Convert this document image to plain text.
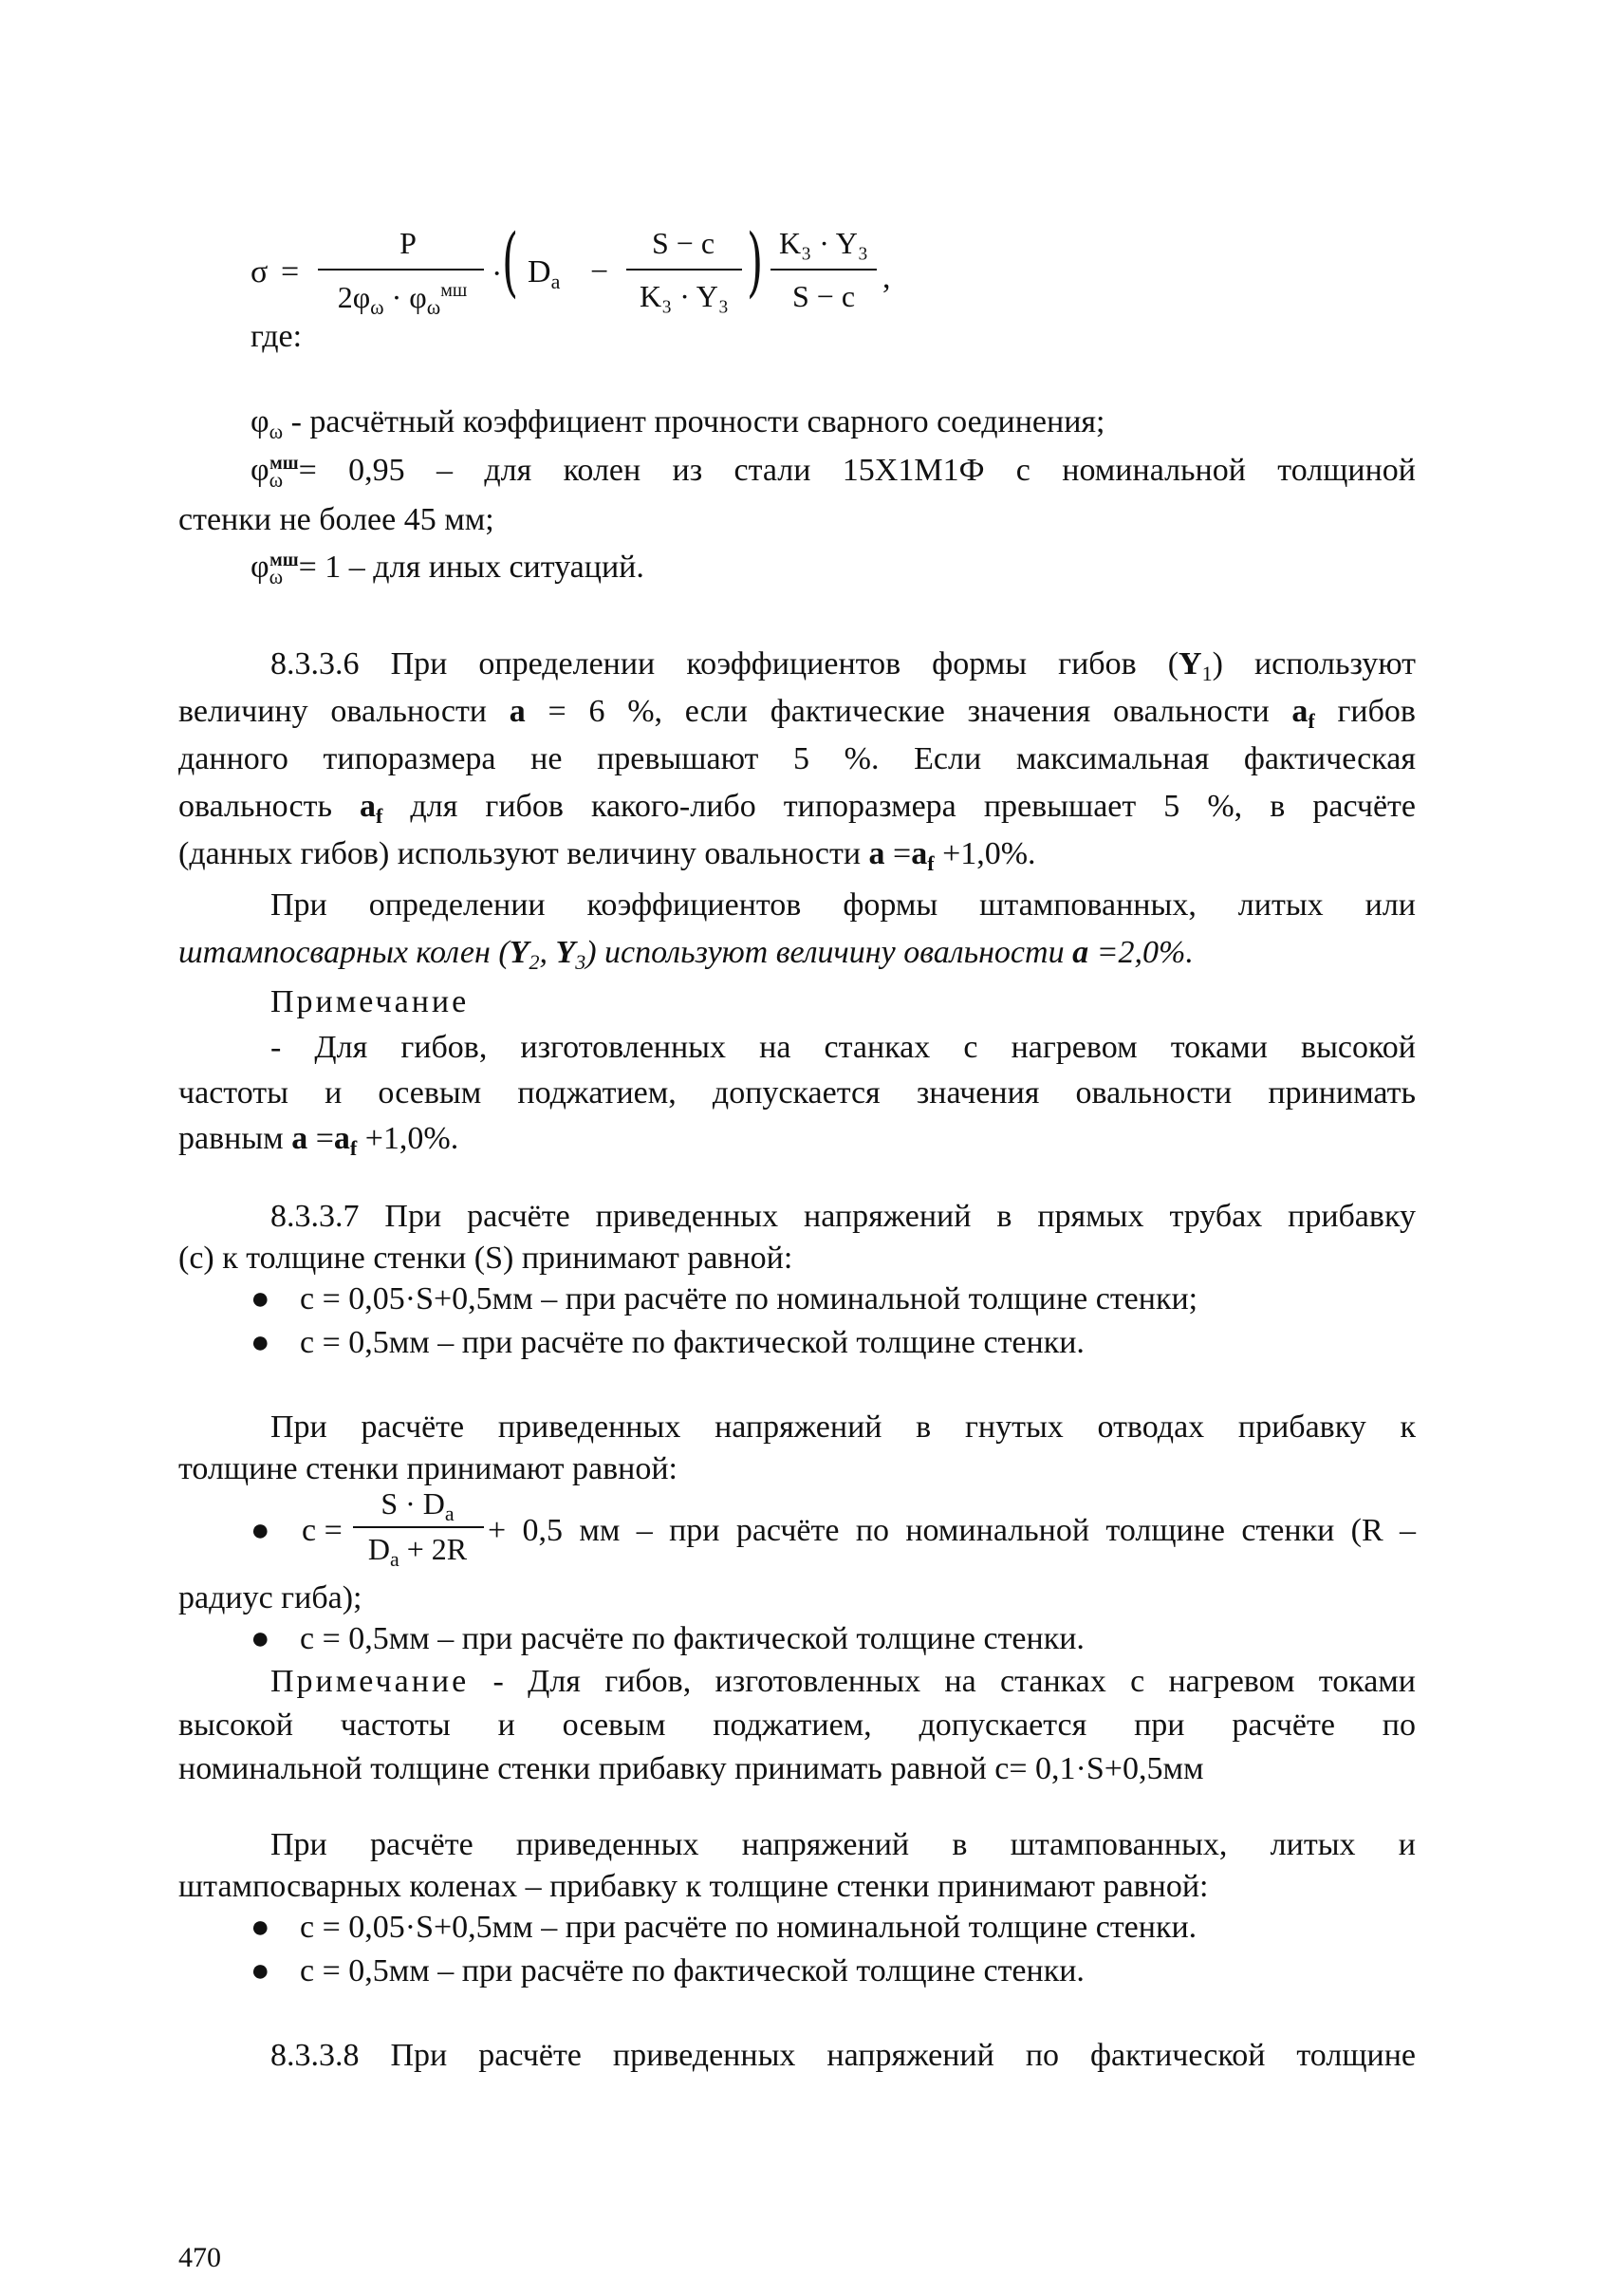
σ =
P
$2\varphi_\omega \cdot \varphi_\omega^{мш}$ · ( $D_a$ −
S − c
K₃ · Y₃ ) K₃ · Y₃
S − c
,
где:
$\varphi_\omega$ - расчётный коэффициент прочности сварного соединения;
$\varphi_\omega^{мш}= 0,95$ – для колен из стали 15Х1М1Ф с номинальной толщиной
стенки не более 45 мм;
$\varphi_\omega^{мш}= 1$ – для иных ситуаций.
8.3.3.6 При определении коэффициентов формы гибов $(Y_1)$ используют
величину овальности a = 6 %, если фактические значения овальности $a_f$ гибов
данного типоразмера не превышают 5 %. Если максимальная фактическая
овальность $a_f$ для гибов какого-либо типоразмера превышает 5 %, в расчёте
(данных гибов) используют величину овальности $a =a_f +1,0\%$.
При определении коэффициентов формы штампованных, литых или
штампосварных колен ($Y_2$, $Y_3$) используют величину овальности a =2,0%.
Примечание
- Для гибов, изготовленных на станках с нагревом токами высокой
частоты и осевым поджатием, допускается значения овальности принимать
равным $a =a_f +1,0\%$.
8.3.3.7 При расчёте приведенных напряжений в прямых трубах прибавку
(с) к толщине стенки (S) принимают равной:
● с = 0,05·S+0,5мм – при расчёте по номинальной толщине стенки;
● с = 0,5мм – при расчёте по фактической толщине стенки.
При расчёте приведенных напряжений в гнутых отводах прибавку к
толщине стенки принимают равной:
● c =
$S \cdot D_a$
$D_a + 2R$
+ 0,5 мм – при расчёте по номинальной толщине стенки (R –
радиус гиба);
● с = 0,5мм – при расчёте по фактической толщине стенки.
Примечание - Для гибов, изготовленных на станках с нагревом токами
высокой частоты и осевым поджатием, допускается при расчёте по
номинальной толщине стенки прибавку принимать равной с= 0,1·S+0,5мм
При расчёте приведенных напряжений в штампованных, литых и
штампосварных коленах – прибавку к толщине стенки принимают равной:
● с = 0,05·S+0,5мм – при расчёте по номинальной толщине стенки.
● с = 0,5мм – при расчёте по фактической толщине стенки.
8.3.3.8 При расчёте приведенных напряжений по фактической толщине
470
